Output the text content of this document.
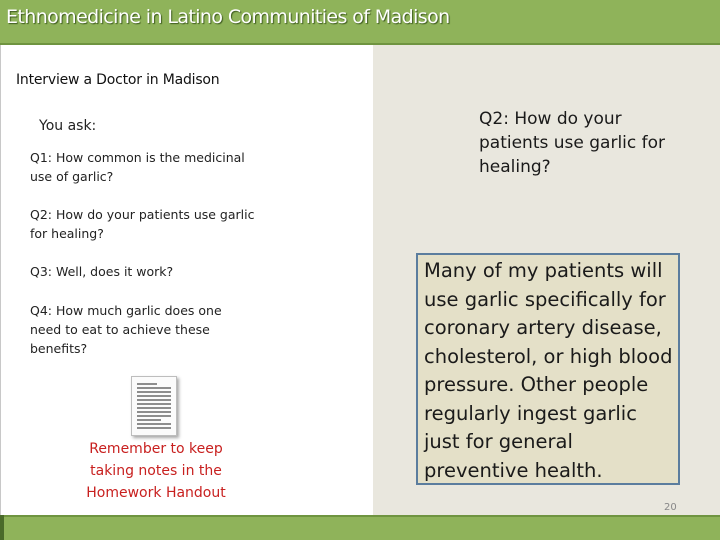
Ethnomedicine in Latino Communities of Madison

Interview a Doctor in Madison

You ask:

Q1: How common is the medicinal use of garlic?

Q2: How do your patients use garlic for healing?

Q3: Well, does it work?

Q4: How much garlic does one need to eat to achieve these benefits?

Remember to keep taking notes in the Homework Handout

Q2: How do your patients use garlic for healing?

Many of my patients will use garlic specifically for coronary artery disease, cholesterol, or high blood pressure. Other people regularly ingest garlic just for general preventive health.

20
